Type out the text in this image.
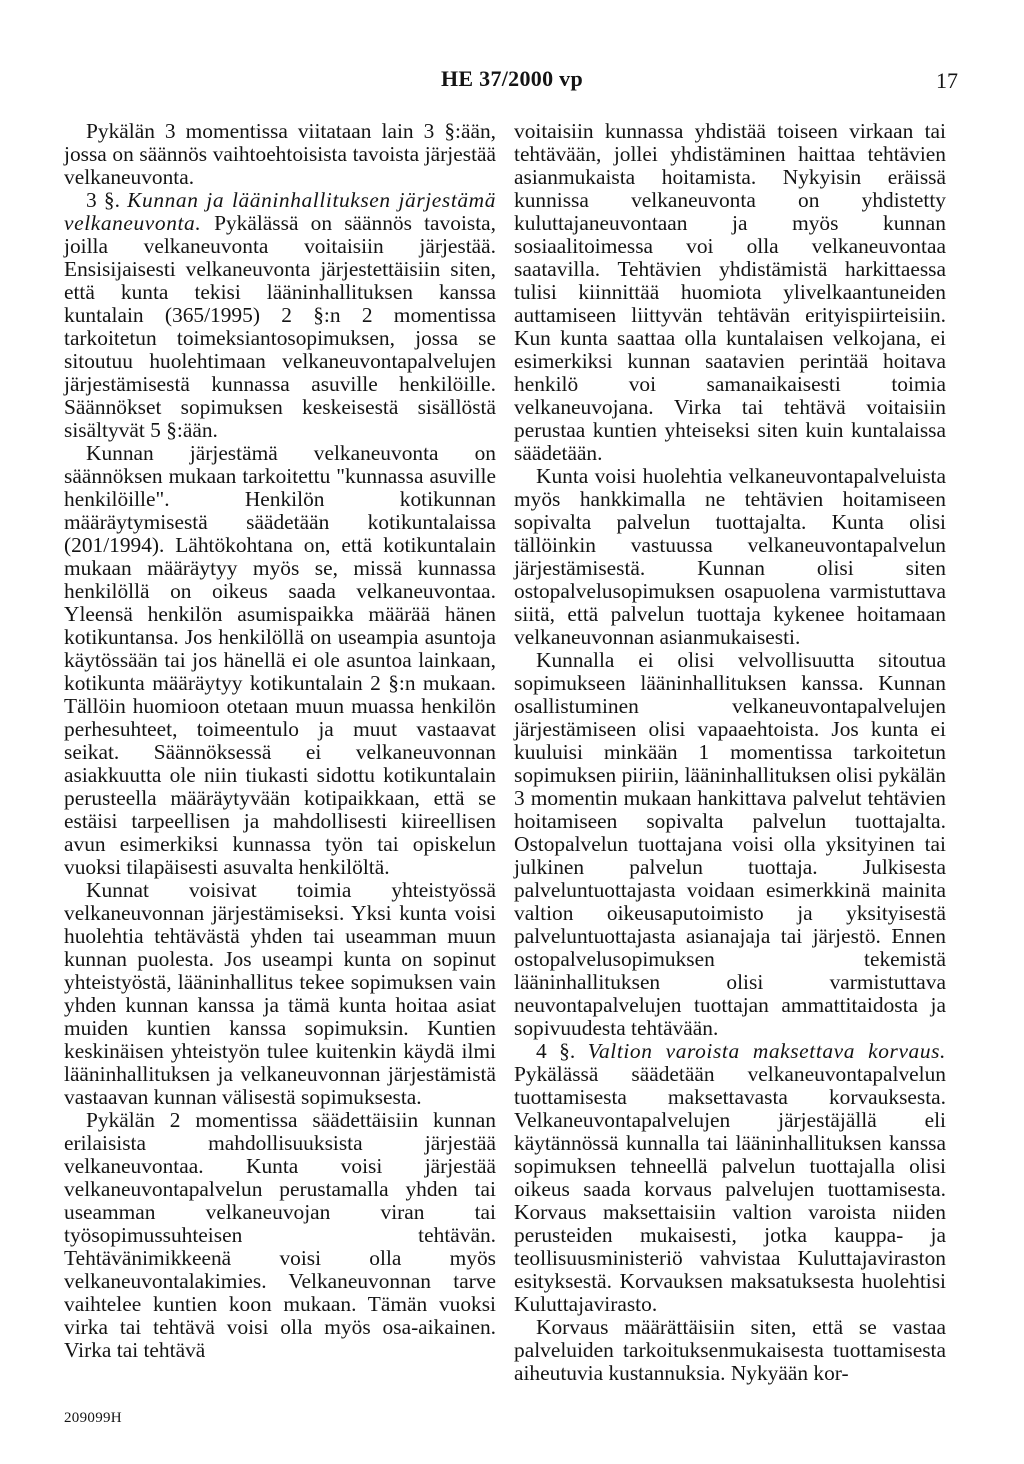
HE 37/2000 vp	17

Pykälän 3 momentissa viitataan lain 3 §:ään, jossa on säännös vaihtoehtoisista tavoista järjestää velkaneuvonta.

3 §. Kunnan ja lääninhallituksen järjestämä velkaneuvonta. Pykälässä on säännös tavoista, joilla velkaneuvonta voitaisiin järjestää. Ensisijaisesti velkaneuvonta järjestettäisiin siten, että kunta tekisi lääninhallituksen kanssa kuntalain (365/1995) 2 §:n 2 momentissa tarkoitetun toimeksiantosopimuksen, jossa se sitoutuu huolehtimaan velkaneuvontapalvelujen järjestämisestä kunnassa asuville henkilöille. Säännökset sopimuksen keskeisestä sisällöstä sisältyvät 5 §:ään.

Kunnan järjestämä velkaneuvonta on säännöksen mukaan tarkoitettu "kunnassa asuville henkilöille". Henkilön kotikunnan määräytymisestä säädetään kotikuntalaissa (201/1994). Lähtökohtana on, että kotikuntalain mukaan määräytyy myös se, missä kunnassa henkilöllä on oikeus saada velkaneuvontaa. Yleensä henkilön asumispaikka määrää hänen kotikuntansa. Jos henkilöllä on useampia asuntoja käytössään tai jos hänellä ei ole asuntoa lainkaan, kotikunta määräytyy kotikuntalain 2 §:n mukaan. Tällöin huomioon otetaan muun muassa henkilön perhesuhteet, toimeentulo ja muut vastaavat seikat. Säännöksessä ei velkaneuvonnan asiakkuutta ole niin tiukasti sidottu kotikuntalain perusteella määräytyvään kotipaikkaan, että se estäisi tarpeellisen ja mahdollisesti kiireellisen avun esimerkiksi kunnassa työn tai opiskelun vuoksi tilapäisesti asuvalta henkilöltä.

Kunnat voisivat toimia yhteistyössä velkaneuvonnan järjestämiseksi. Yksi kunta voisi huolehtia tehtävästä yhden tai useamman muun kunnan puolesta. Jos useampi kunta on sopinut yhteistyöstä, lääninhallitus tekee sopimuksen vain yhden kunnan kanssa ja tämä kunta hoitaa asiat muiden kuntien kanssa sopimuksin. Kuntien keskinäisen yhteistyön tulee kuitenkin käydä ilmi lääninhallituksen ja velkaneuvonnan järjestämistä vastaavan kunnan välisestä sopimuksesta.

Pykälän 2 momentissa säädettäisiin kunnan erilaisista mahdollisuuksista järjestää velkaneuvontaa. Kunta voisi järjestää velkaneuvontapalvelun perustamalla yhden tai useamman velkaneuvojan viran tai työsopimussuhteisen tehtävän. Tehtävänimikkeenä voisi olla myös velkaneuvontalakimies. Velkaneuvonnan tarve vaihtelee kuntien koon mukaan. Tämän vuoksi virka tai tehtävä voisi olla myös osa-aikainen. Virka tai tehtävä

voitaisiin kunnassa yhdistää toiseen virkaan tai tehtävään, jollei yhdistäminen haittaa tehtävien asianmukaista hoitamista. Nykyisin eräissä kunnissa velkaneuvonta on yhdistetty kuluttajaneuvontaan ja myös kunnan sosiaalitoimessa voi olla velkaneuvontaa saatavilla. Tehtävien yhdistämistä harkittaessa tulisi kiinnittää huomiota ylivelkaantuneiden auttamiseen liittyvän tehtävän erityispiirteisiin. Kun kunta saattaa olla kuntalaisen velkojana, ei esimerkiksi kunnan saatavien perintää hoitava henkilö voi samanaikaisesti toimia velkaneuvojana. Virka tai tehtävä voitaisiin perustaa kuntien yhteiseksi siten kuin kuntalaissa säädetään.

Kunta voisi huolehtia velkaneuvontapalveluista myös hankkimalla ne tehtävien hoitamiseen sopivalta palvelun tuottajalta. Kunta olisi tällöinkin vastuussa velkaneuvontapalvelun järjestämisestä. Kunnan olisi siten ostopalvelusopimuksen osapuolena varmistuttava siitä, että palvelun tuottaja kykenee hoitamaan velkaneuvonnan asianmukaisesti.

Kunnalla ei olisi velvollisuutta sitoutua sopimukseen lääninhallituksen kanssa. Kunnan osallistuminen velkaneuvontapalvelujen järjestämiseen olisi vapaaehtoista. Jos kunta ei kuuluisi minkään 1 momentissa tarkoitetun sopimuksen piiriin, lääninhallituksen olisi pykälän 3 momentin mukaan hankittava palvelut tehtävien hoitamiseen sopivalta palvelun tuottajalta. Ostopalvelun tuottajana voisi olla yksityinen tai julkinen palvelun tuottaja. Julkisesta palveluntuottajasta voidaan esimerkkinä mainita valtion oikeusaputoimisto ja yksityisestä palveluntuottajasta asianajaja tai järjestö. Ennen ostopalvelusopimuksen tekemistä lääninhallituksen olisi varmistuttava neuvontapalvelujen tuottajan ammattitaidosta ja sopivuudesta tehtävään.

4 §. Valtion varoista maksettava korvaus. Pykälässä säädetään velkaneuvontapalvelun tuottamisesta maksettavasta korvauksesta. Velkaneuvontapalvelujen järjestäjällä eli käytännössä kunnalla tai lääninhallituksen kanssa sopimuksen tehneellä palvelun tuottajalla olisi oikeus saada korvaus palvelujen tuottamisesta. Korvaus maksettaisiin valtion varoista niiden perusteiden mukaisesti, jotka kauppa- ja teollisuusministeriö vahvistaa Kuluttajaviraston esityksestä. Korvauksen maksatuksesta huolehtisi Kuluttajavirasto.

Korvaus määrättäisiin siten, että se vastaa palveluiden tarkoituksenmukaisesta tuottamisesta aiheutuvia kustannuksia. Nykyään kor-

209099H
